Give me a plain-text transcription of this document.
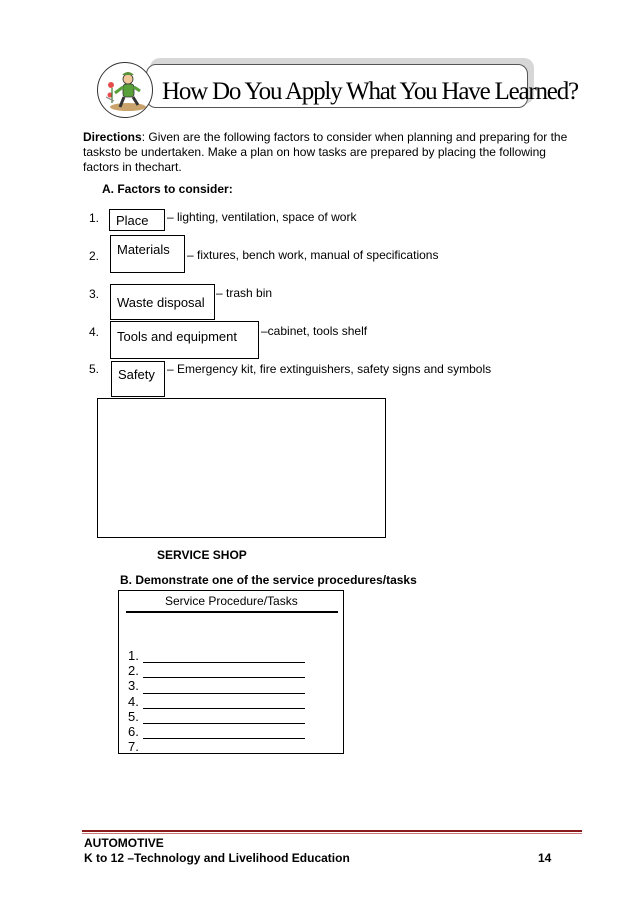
How Do You Apply What You Have Learned?
Directions: Given are the following factors to consider when planning and preparing for the tasksto be undertaken. Make a plan on how tasks are prepared by placing the following factors in thechart.
A. Factors to consider:
1.	Place	– lighting, ventilation, space of work
2.	Materials	– fixtures, bench work, manual of specifications
3.
Waste disposal
– trash bin
4.	Tools and equipment	–cabinet, tools shelf
5.	Safety	– Emergency kit, fire extinguishers, safety signs and symbols
SERVICE SHOP
B. Demonstrate one of the service procedures/tasks
Service Procedure/Tasks
1.
2.
3.
4.
5.
6.
7.
AUTOMOTIVE
K to 12 –Technology and Livelihood Education	14
